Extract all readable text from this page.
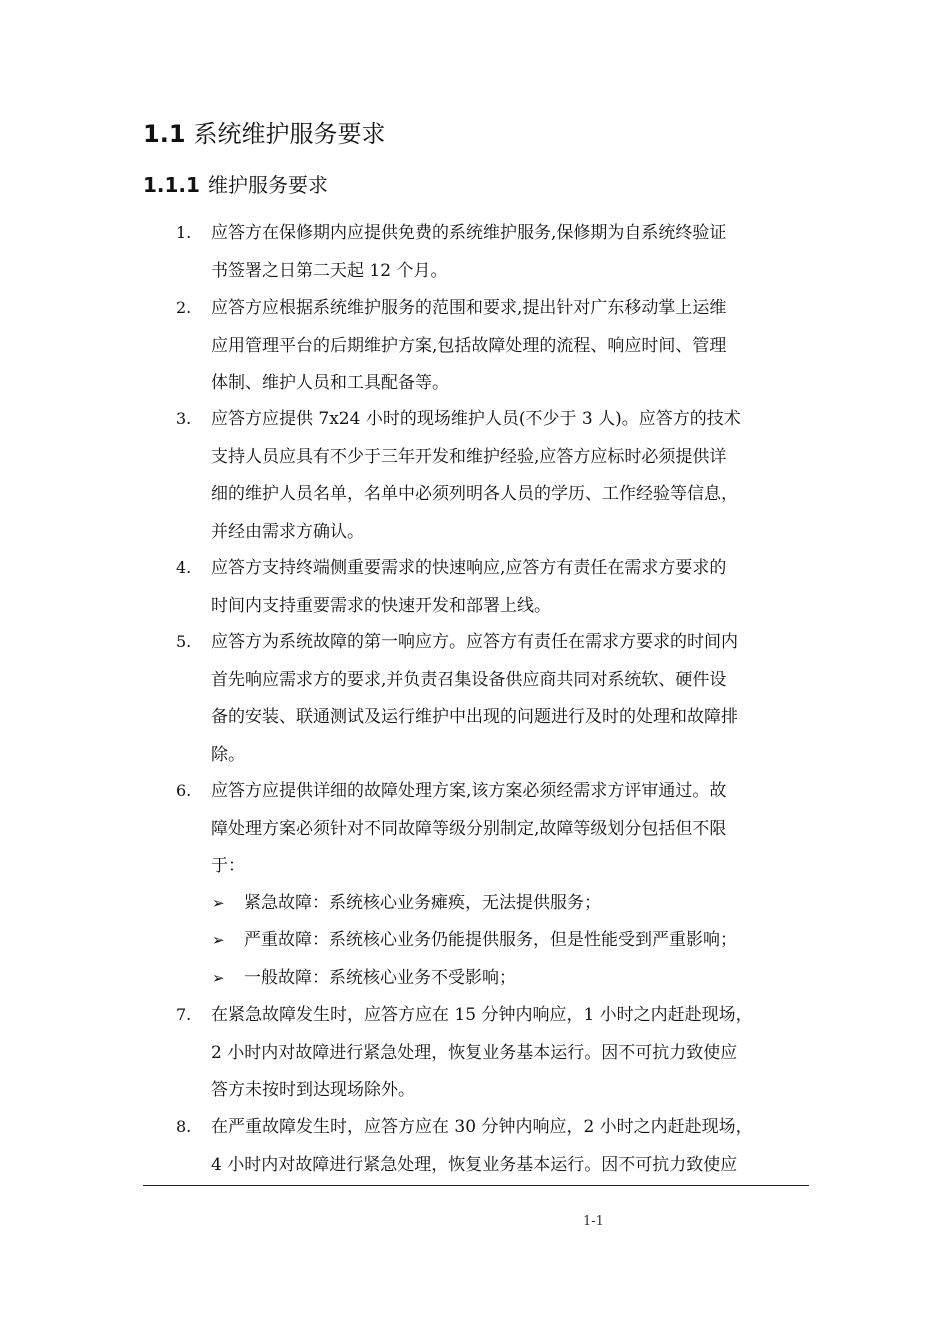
1.1 系统维护服务要求
1.1.1 维护服务要求
1. 应答方在保修期内应提供免费的系统维护服务,保修期为自系统终验证
书签署之日第二天起 12 个月。
2. 应答方应根据系统维护服务的范围和要求,提出针对广东移动掌上运维
应用管理平台的后期维护方案,包括故障处理的流程、响应时间、管理
体制、维护人员和工具配备等。
3. 应答方应提供 7x24 小时的现场维护人员(不少于 3 人)。应答方的技术
支持人员应具有不少于三年开发和维护经验,应答方应标时必须提供详
细的维护人员名单，名单中必须列明各人员的学历、工作经验等信息，
并经由需求方确认。
4. 应答方支持终端侧重要需求的快速响应,应答方有责任在需求方要求的
时间内支持重要需求的快速开发和部署上线。
5. 应答方为系统故障的第一响应方。应答方有责任在需求方要求的时间内
首先响应需求方的要求,并负责召集设备供应商共同对系统软、硬件设
备的安装、联通测试及运行维护中出现的问题进行及时的处理和故障排
除。
6. 应答方应提供详细的故障处理方案,该方案必须经需求方评审通过。故
障处理方案必须针对不同故障等级分别制定,故障等级划分包括但不限
于：
➢ 紧急故障：系统核心业务瘫痪，无法提供服务；
➢ 严重故障：系统核心业务仍能提供服务，但是性能受到严重影响；
➢ 一般故障：系统核心业务不受影响；
7. 在紧急故障发生时，应答方应在 15 分钟内响应，1 小时之内赶赴现场，
2 小时内对故障进行紧急处理，恢复业务基本运行。因不可抗力致使应
答方未按时到达现场除外。
8. 在严重故障发生时，应答方应在 30 分钟内响应，2 小时之内赶赴现场，
4 小时内对故障进行紧急处理，恢复业务基本运行。因不可抗力致使应
1-1
